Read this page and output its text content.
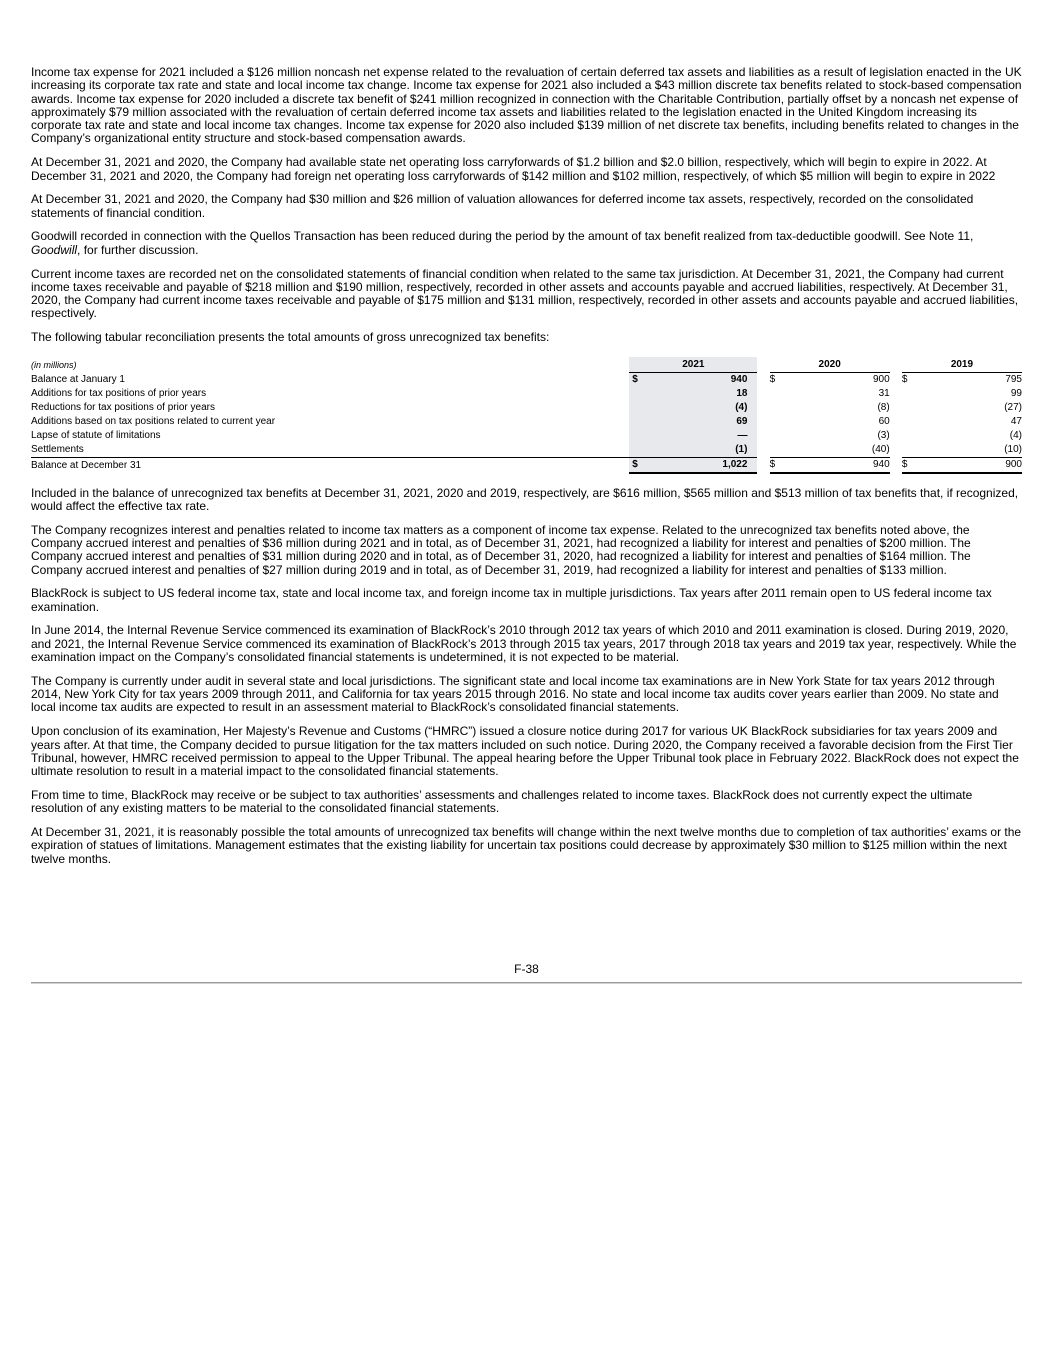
Income tax expense for 2021 included a $126 million noncash net expense related to the revaluation of certain deferred tax assets and liabilities as a result of legislation enacted in the UK increasing its corporate tax rate and state and local income tax change. Income tax expense for 2021 also included a $43 million discrete tax benefits related to stock-based compensation awards. Income tax expense for 2020 included a discrete tax benefit of $241 million recognized in connection with the Charitable Contribution, partially offset by a noncash net expense of approximately $79 million associated with the revaluation of certain deferred income tax assets and liabilities related to the legislation enacted in the United Kingdom increasing its corporate tax rate and state and local income tax changes. Income tax expense for 2020 also included $139 million of net discrete tax benefits, including benefits related to changes in the Company’s organizational entity structure and stock-based compensation awards.

At December 31, 2021 and 2020, the Company had available state net operating loss carryforwards of $1.2 billion and $2.0 billion, respectively, which will begin to expire in 2022. At December 31, 2021 and 2020, the Company had foreign net operating loss carryforwards of $142 million and $102 million, respectively, of which $5 million will begin to expire in 2022

At December 31, 2021 and 2020, the Company had $30 million and $26 million of valuation allowances for deferred income tax assets, respectively, recorded on the consolidated statements of financial condition.

Goodwill recorded in connection with the Quellos Transaction has been reduced during the period by the amount of tax benefit realized from tax-deductible goodwill. See Note 11, Goodwill, for further discussion.

Current income taxes are recorded net on the consolidated statements of financial condition when related to the same tax jurisdiction. At December 31, 2021, the Company had current income taxes receivable and payable of $218 million and $190 million, respectively, recorded in other assets and accounts payable and accrued liabilities, respectively. At December 31, 2020, the Company had current income taxes receivable and payable of $175 million and $131 million, respectively, recorded in other assets and accounts payable and accrued liabilities, respectively.

The following tabular reconciliation presents the total amounts of gross unrecognized tax benefits:

(in millions)	2021			2020			2019	
Balance at January 1	$	940		$	900		$	795
Additions for tax positions of prior years		18			31			99
Reductions for tax positions of prior years		(4)			(8)			(27)
Additions based on tax positions related to current year		69			60			47
Lapse of statute of limitations		—			(3)			(4)
Settlements		(1)			(40)			(10)
Balance at December 31	$	1,022		$	940		$	900

Included in the balance of unrecognized tax benefits at December 31, 2021, 2020 and 2019, respectively, are $616 million, $565 million and $513 million of tax benefits that, if recognized, would affect the effective tax rate.

The Company recognizes interest and penalties related to income tax matters as a component of income tax expense. Related to the unrecognized tax benefits noted above, the Company accrued interest and penalties of $36 million during 2021 and in total, as of December 31, 2021, had recognized a liability for interest and penalties of $200 million. The Company accrued interest and penalties of $31 million during 2020 and in total, as of December 31, 2020, had recognized a liability for interest and penalties of $164 million. The Company accrued interest and penalties of $27 million during 2019 and in total, as of December 31, 2019, had recognized a liability for interest and penalties of $133 million.

BlackRock is subject to US federal income tax, state and local income tax, and foreign income tax in multiple jurisdictions. Tax years after 2011 remain open to US federal income tax examination.

In June 2014, the Internal Revenue Service commenced its examination of BlackRock’s 2010 through 2012 tax years of which 2010 and 2011 examination is closed. During 2019, 2020, and 2021, the Internal Revenue Service commenced its examination of BlackRock’s 2013 through 2015 tax years, 2017 through 2018 tax years and 2019 tax year, respectively. While the examination impact on the Company’s consolidated financial statements is undetermined, it is not expected to be material.

The Company is currently under audit in several state and local jurisdictions. The significant state and local income tax examinations are in New York State for tax years 2012 through 2014, New York City for tax years 2009 through 2011, and California for tax years 2015 through 2016. No state and local income tax audits cover years earlier than 2009. No state and local income tax audits are expected to result in an assessment material to BlackRock’s consolidated financial statements.

Upon conclusion of its examination, Her Majesty’s Revenue and Customs (“HMRC”) issued a closure notice during 2017 for various UK BlackRock subsidiaries for tax years 2009 and years after. At that time, the Company decided to pursue litigation for the tax matters included on such notice. During 2020, the Company received a favorable decision from the First Tier Tribunal, however, HMRC received permission to appeal to the Upper Tribunal. The appeal hearing before the Upper Tribunal took place in February 2022. BlackRock does not expect the ultimate resolution to result in a material impact to the consolidated financial statements.

From time to time, BlackRock may receive or be subject to tax authorities’ assessments and challenges related to income taxes. BlackRock does not currently expect the ultimate resolution of any existing matters to be material to the consolidated financial statements.

At December 31, 2021, it is reasonably possible the total amounts of unrecognized tax benefits will change within the next twelve months due to completion of tax authorities’ exams or the expiration of statues of limitations. Management estimates that the existing liability for uncertain tax positions could decrease by approximately $30 million to $125 million within the next twelve months.

F-38
